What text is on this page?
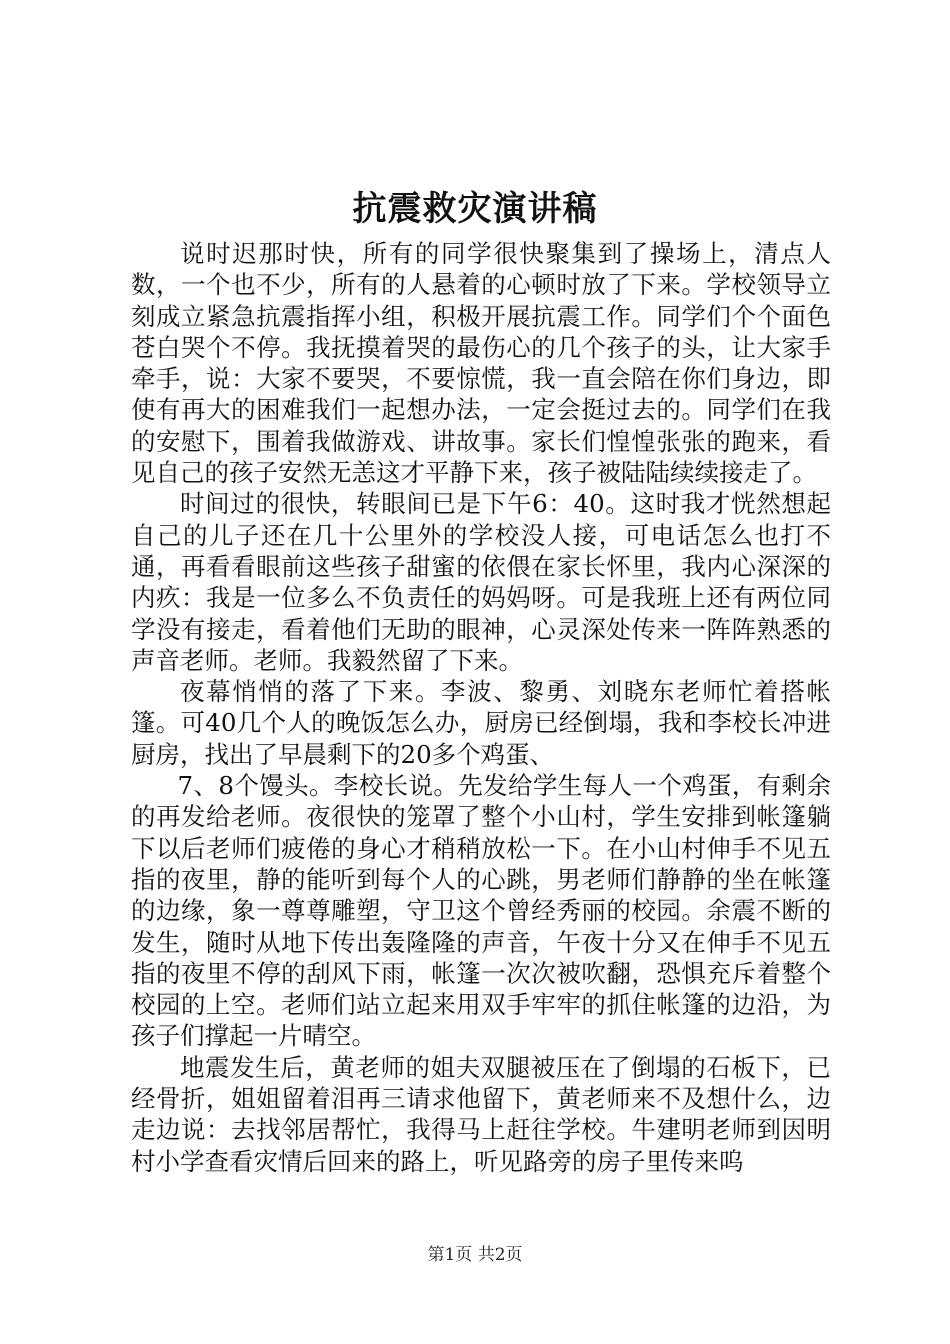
抗震救灾演讲稿

说时迟那时快，所有的同学很快聚集到了操场上，清点人数，一个也不少，所有的人悬着的心顿时放了下来。学校领导立刻成立紧急抗震指挥小组，积极开展抗震工作。同学们个个面色苍白哭个不停。我抚摸着哭的最伤心的几个孩子的头，让大家手牵手，说：大家不要哭，不要惊慌，我一直会陪在你们身边，即使有再大的困难我们一起想办法，一定会挺过去的。同学们在我的安慰下，围着我做游戏、讲故事。家长们惶惶张张的跑来，看见自己的孩子安然无恙这才平静下来，孩子被陆陆续续接走了。

时间过的很快，转眼间已是下午6：40。这时我才恍然想起自己的儿子还在几十公里外的学校没人接，可电话怎么也打不通，再看看眼前这些孩子甜蜜的依偎在家长怀里，我内心深深的内疚：我是一位多么不负责任的妈妈呀。可是我班上还有两位同学没有接走，看着他们无助的眼神，心灵深处传来一阵阵熟悉的声音老师。老师。我毅然留了下来。

夜幕悄悄的落了下来。李波、黎勇、刘晓东老师忙着搭帐篷。可40几个人的晚饭怎么办，厨房已经倒塌，我和李校长冲进厨房，找出了早晨剩下的20多个鸡蛋、

7、8个馒头。李校长说。先发给学生每人一个鸡蛋，有剩余的再发给老师。夜很快的笼罩了整个小山村，学生安排到帐篷躺下以后老师们疲倦的身心才稍稍放松一下。在小山村伸手不见五指的夜里，静的能听到每个人的心跳，男老师们静静的坐在帐篷的边缘，象一尊尊雕塑，守卫这个曾经秀丽的校园。余震不断的发生，随时从地下传出轰隆隆的声音，午夜十分又在伸手不见五指的夜里不停的刮风下雨，帐篷一次次被吹翻，恐惧充斥着整个校园的上空。老师们站立起来用双手牢牢的抓住帐篷的边沿，为孩子们撑起一片晴空。

地震发生后，黄老师的姐夫双腿被压在了倒塌的石板下，已经骨折，姐姐留着泪再三请求他留下，黄老师来不及想什么，边走边说：去找邻居帮忙，我得马上赶往学校。牛建明老师到因明村小学查看灾情后回来的路上，听见路旁的房子里传来呜

第1页 共2页
